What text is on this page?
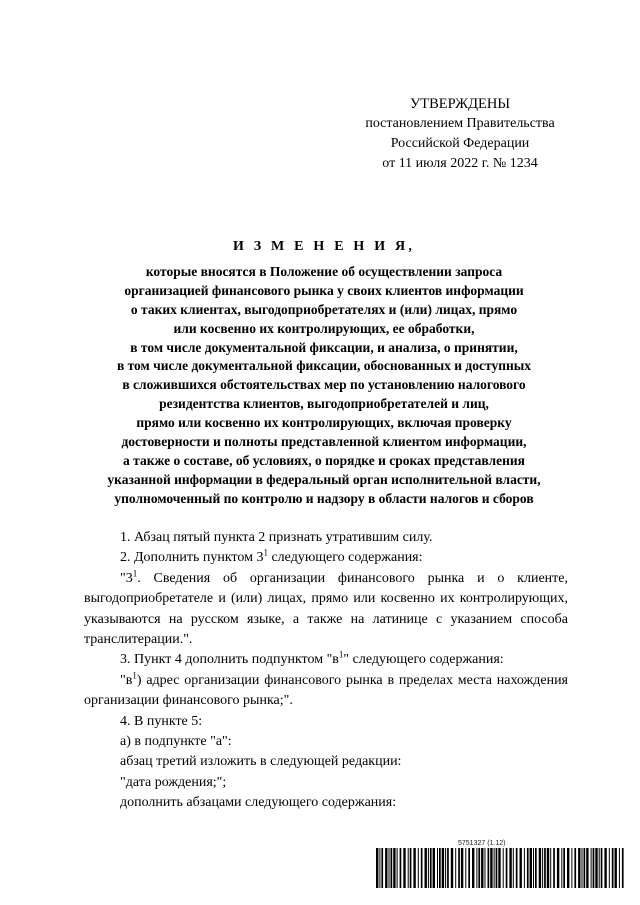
УТВЕРЖДЕНЫ
постановлением Правительства
Российской Федерации
от 11 июля 2022 г. № 1234
И З М Е Н Е Н И Я,
которые вносятся в Положение об осуществлении запроса
организацией финансового рынка у своих клиентов информации
о таких клиентах, выгодоприобретателях и (или) лицах, прямо
или косвенно их контролирующих, ее обработки,
в том числе документальной фиксации, и анализа, о принятии,
в том числе документальной фиксации, обоснованных и доступных
в сложившихся обстоятельствах мер по установлению налогового
резидентства клиентов, выгодоприобретателей и лиц,
прямо или косвенно их контролирующих, включая проверку
достоверности и полноты представленной клиентом информации,
а также о составе, об условиях, о порядке и сроках представления
указанной информации в федеральный орган исполнительной власти,
уполномоченный по контролю и надзору в области налогов и сборов

1. Абзац пятый пункта 2 признать утратившим силу.

2. Дополнить пунктом $3^1$ следующего содержания:

"$3^1$. Сведения об организации финансового рынка и о клиенте, выгодоприобретателе и (или) лицах, прямо или косвенно их контролирующих, указываются на русском языке, а также на латинице с указанием способа транслитерации.".

3. Пункт 4 дополнить подпунктом "$в^1$" следующего содержания:

"$в^1$) адрес организации финансового рынка в пределах места нахождения организации финансового рынка;".

4. В пункте 5:

а) в подпункте "а":

абзац третий изложить в следующей редакции:

"дата рождения;";

дополнить абзацами следующего содержания:

5751327 (1.12)
